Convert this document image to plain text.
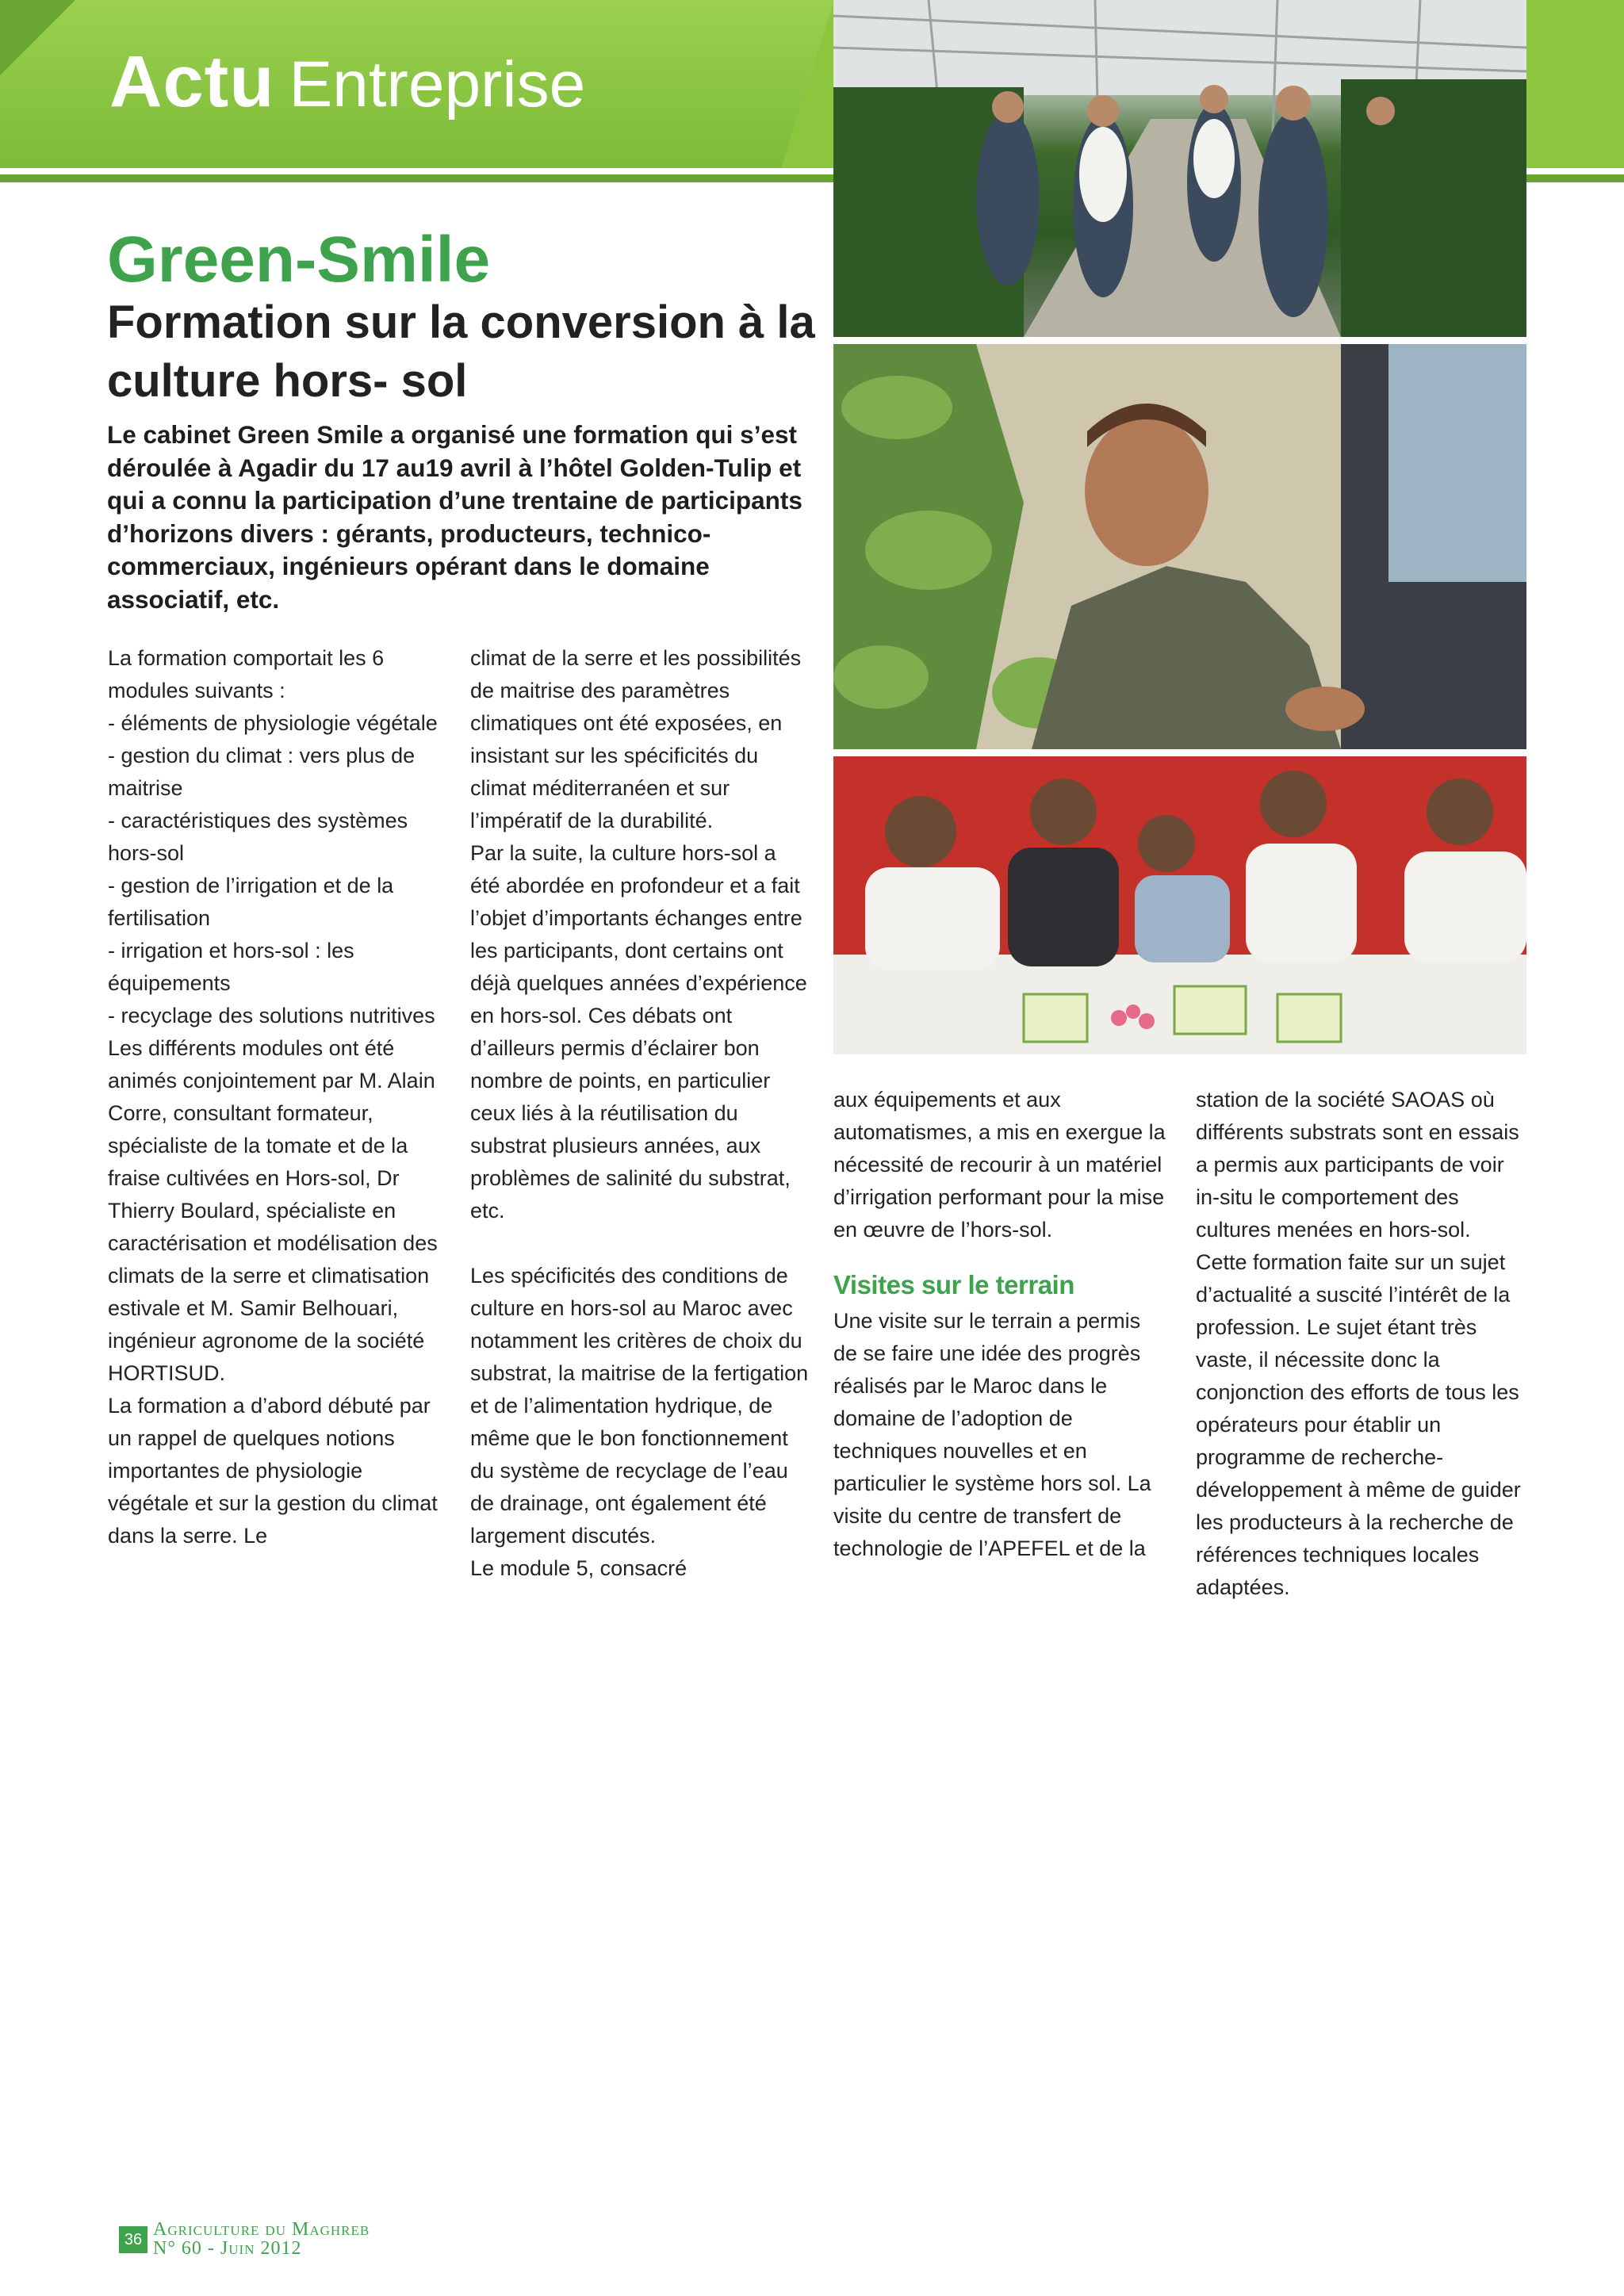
Actu Entreprise
Green-Smile
Formation sur la conversion à la culture hors- sol
Le cabinet Green Smile a organisé une formation qui s’est déroulée à Agadir du 17 au19 avril à l’hôtel Golden-Tulip et qui a connu la participation d’une trentaine de participants d’horizons divers : gérants, producteurs, technico-commerciaux, ingénieurs opérant dans le domaine associatif, etc.

La formation comportait les 6 modules suivants :

- éléments de physiologie végétale

- gestion du climat : vers plus de maitrise

- caractéristiques des systèmes hors-sol

- gestion de l’irrigation et de la fertilisation

- irrigation et hors-sol : les équipements

- recyclage des solutions nutritives

Les différents modules ont été animés conjointement par M. Alain Corre, consultant formateur, spécialiste de la tomate et de la fraise cultivées en Hors-sol, Dr Thierry Boulard, spécialiste en caractérisation et modélisation des climats de la serre et climatisation estivale et M. Samir Belhouari, ingénieur agronome de la société HORTISUD.

La formation a d’abord débuté par un rappel de quelques notions importantes de physiologie végétale et sur la gestion du climat dans la serre. Le

climat de la serre et les possibilités de maitrise des paramètres climatiques ont été exposées, en insistant sur les spécificités du climat méditerranéen et sur l’impératif de la durabilité.

Par la suite, la culture hors-sol a été abordée en profondeur et a fait l’objet d’importants échanges entre les participants, dont certains ont déjà quelques années d’expérience en hors-sol. Ces débats ont d’ailleurs permis d’éclairer bon nombre de points, en particulier ceux liés à la réutilisation du substrat plusieurs années, aux problèmes de salinité du substrat, etc.

Les spécificités des conditions de culture en hors-sol au Maroc avec notamment les critères de choix du substrat, la maitrise de la fertigation et de l’alimentation hydrique, de même que le bon fonctionnement du système de recyclage de l’eau de drainage, ont également été largement discutés.

Le module 5, consacré

aux équipements et aux automatismes, a mis en exergue la nécessité de recourir à un matériel d’irrigation performant pour la mise en œuvre de l’hors-sol.

Visites sur le terrain

Une visite sur le terrain a permis de se faire une idée des progrès réalisés par le Maroc dans le domaine de l’adoption de techniques nouvelles et en particulier le système hors sol. La visite du centre de transfert de technologie de l’APEFEL et de la

station de la société SAOAS où différents substrats sont en essais a permis aux participants de voir in-situ le comportement des cultures menées en hors-sol.

Cette formation faite sur un sujet d’actualité a suscité l’intérêt de la profession. Le sujet étant très vaste, il nécessite donc la conjonction des efforts de tous les opérateurs pour établir un programme de recherche-développement à même de guider les producteurs à la recherche de références techniques locales adaptées.

36 Agriculture du Maghreb
N° 60 - Juin 2012
